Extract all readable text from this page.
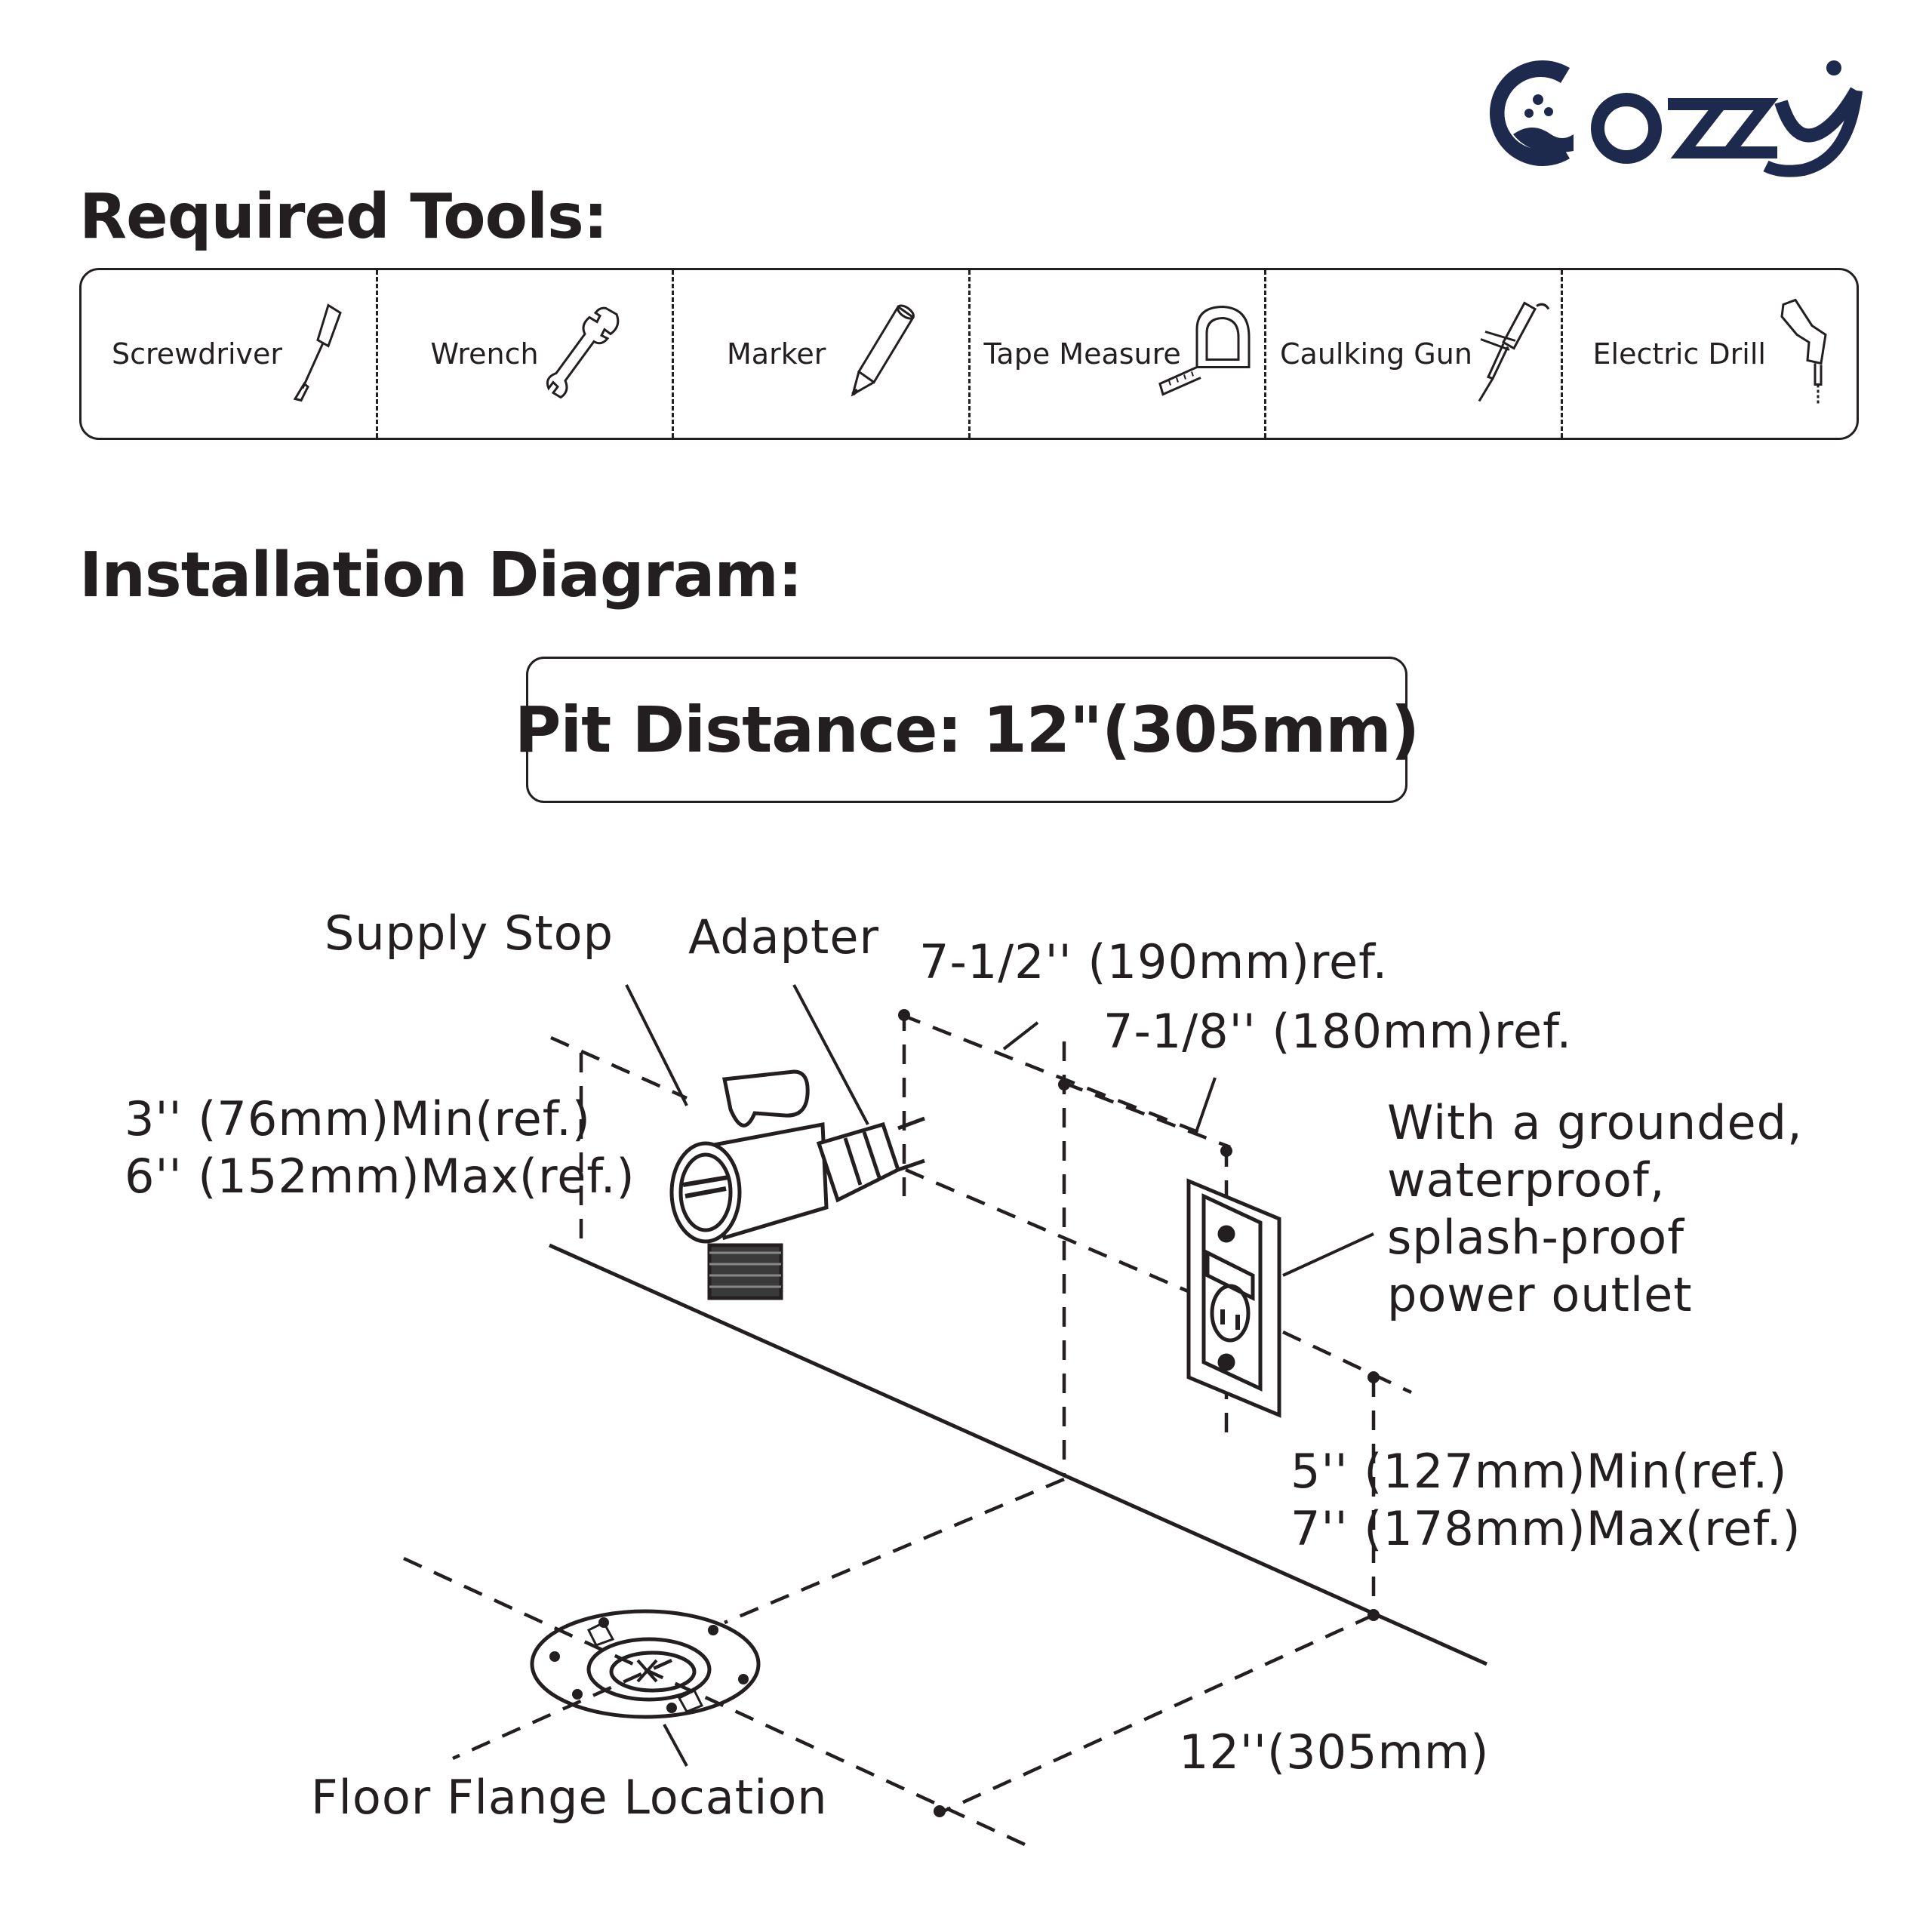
Required Tools:
Screwdriver	Wrench	Marker	Tape Measure	Caulking Gun	Electric Drill
Installation Diagram:
Pit Distance: 12"(305mm)
Supply Stop Adapter 7-1/2'' (190mm)ref.
7-1/8'' (180mm)ref.
3'' (76mm)Min(ref.)
6'' (152mm)Max(ref.)
With a grounded,
waterproof,
splash-proof
power outlet
5'' (127mm)Min(ref.)
7'' (178mm)Max(ref.)
12''(305mm)
Floor Flange Location
